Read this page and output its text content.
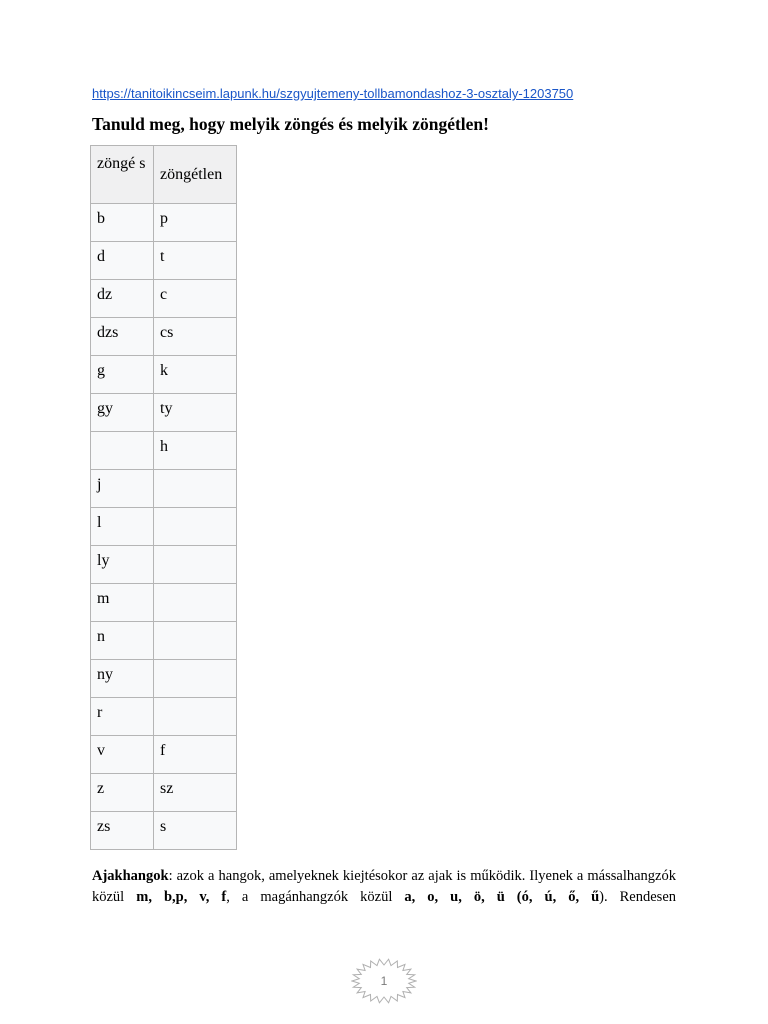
https://tanitoikincseim.lapunk.hu/szgyujtemeny-tollbamondashoz-3-osztaly-1203750
Tanuld meg, hogy melyik zöngés és melyik zöngétlen!
zöngé s	zöngétlen
b	p
d	t
dz	c
dzs	cs
g	k
gy	ty
	h
j	
l	
ly	
m	
n	
ny	
r	
v	f
z	sz
zs	s

Ajakhangok: azok a hangok, amelyeknek kiejtésokor az ajak is működik. Ilyenek a mássalhangzók közül m, b,p, v, f, a magánhangzók közül a, o, u, ö, ü (ó, ú, ő, ű). Rendesen

1
